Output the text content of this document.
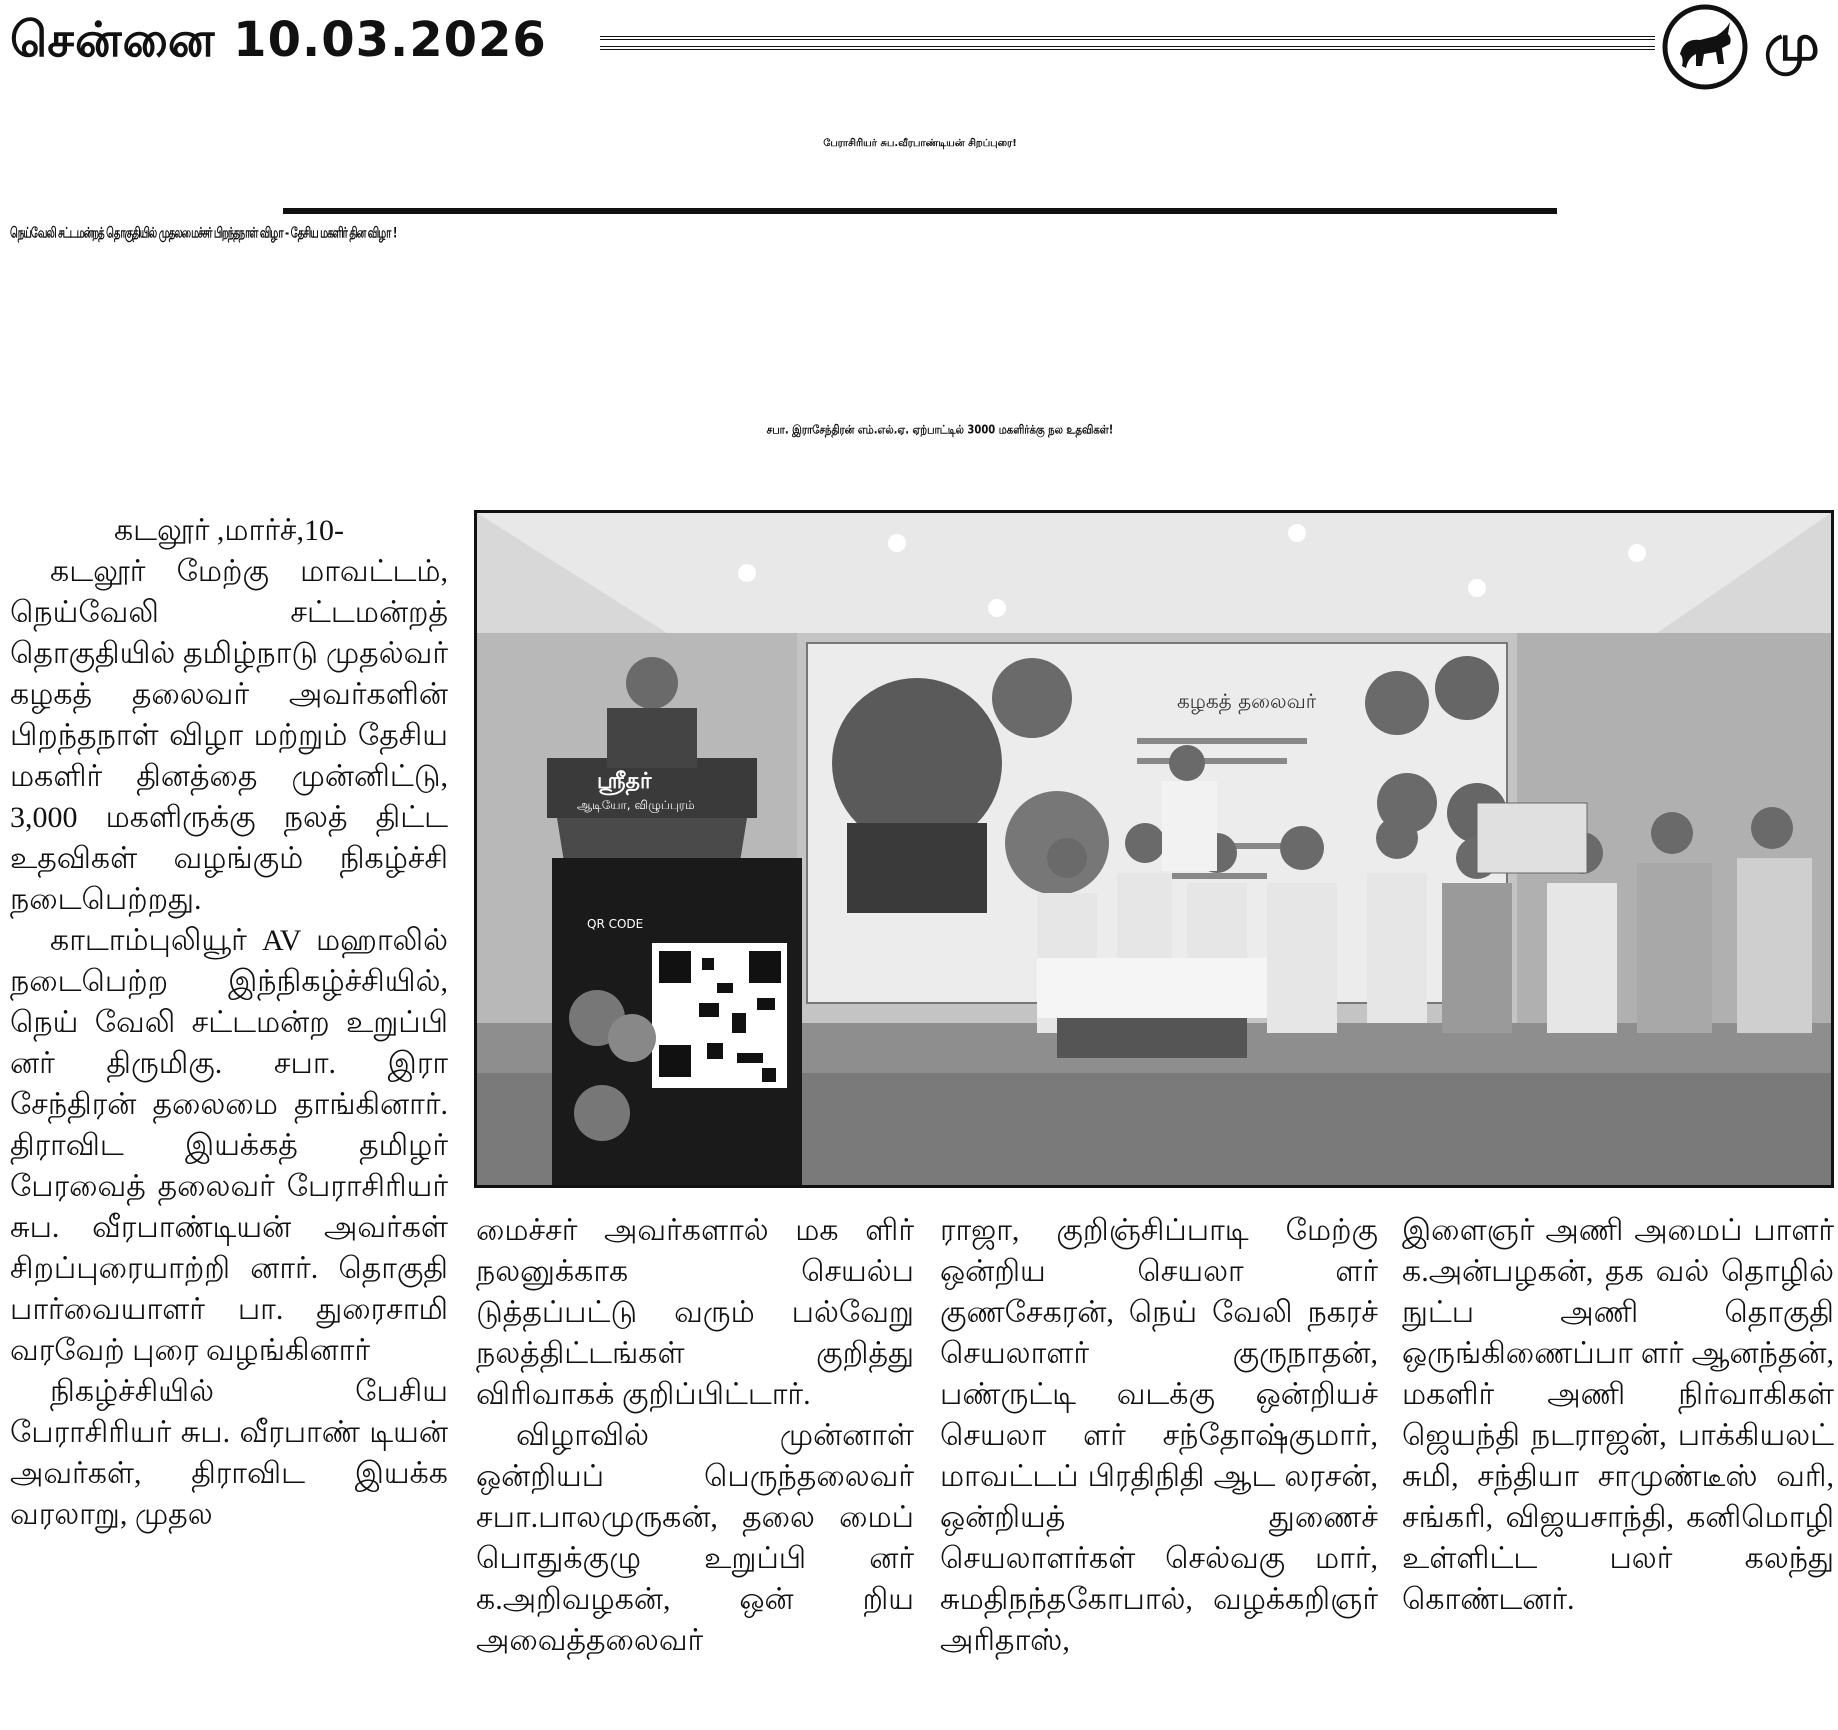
சென்னை 10.03.2026	மு
பேராசிரியர் சுப.வீரபாண்டியன் சிறப்புரை!
நெய்வேலி சட்டமன்றத் தொகுதியில் முதலமைச்சர் பிறந்தநாள் விழா - தேசிய மகளிர் தின விழா !
சபா. இராசேந்திரன் எம்.எல்.ஏ. ஏற்பாட்டில் 3000 மகளிர்க்கு நல உதவிகள்!

கடலூர் ,மார்ச்,10-

கடலூர் மேற்கு மாவட்டம், நெய்வேலி சட்டமன்றத் தொகுதியில் தமிழ்நாடு முதல்வர் கழகத் தலைவர் அவர்களின் பிறந்தநாள் விழா மற்றும் தேசிய மகளிர் தினத்தை முன்னிட்டு, 3,000 மகளிருக்கு நலத் திட்ட உதவிகள் வழங்கும் நிகழ்ச்சி நடைபெற்றது.

காடாம்புலியூர் AV மஹாலில் நடைபெற்ற இந்நிகழ்ச்சியில், நெய் வேலி சட்டமன்ற உறுப்பி னர் திருமிகு. சபா. இரா சேந்திரன் தலைமை தாங்கினார். திராவிட இயக்கத் தமிழர் பேரவைத் தலைவர் பேராசிரியர் சுப. வீரபாண்டியன் அவர்கள் சிறப்புரையாற்றி னார். தொகுதி பார்வையாளர் பா. துரைசாமி வரவேற் புரை வழங்கினார்

நிகழ்ச்சியில் பேசிய பேராசிரியர் சுப. வீரபாண் டியன் அவர்கள், திராவிட இயக்க வரலாறு, முதல

கழகத் தலைவர்
ஸ்ரீதர்
ஆடியோ, விழுப்புரம்
QR CODE

மைச்சர் அவர்களால் மக ளிர் நலனுக்காக செயல்ப டுத்தப்பட்டு வரும் பல்வேறு நலத்திட்டங்கள் குறித்து விரிவாகக் குறிப்பிட்டார்.

விழாவில் முன்னாள் ஒன்றியப் பெருந்தலைவர் சபா.பாலமுருகன், தலை மைப் பொதுக்குழு உறுப்பி னர் க.அறிவழகன், ஒன் றிய அவைத்தலைவர்

ராஜா, குறிஞ்சிப்பாடி மேற்கு ஒன்றிய செயலா ளர் குணசேகரன், நெய் வேலி நகரச் செயலாளர் குருநாதன், பண்ருட்டி வடக்கு ஒன்றியச் செயலா ளர் சந்தோஷ்குமார், மாவட்டப் பிரதிநிதி ஆட லரசன், ஒன்றியத் துணைச் செயலாளர்கள் செல்வகு மார், சுமதிநந்தகோபால், வழக்கறிஞர் அரிதாஸ்,

இளைஞர் அணி அமைப் பாளர் க.அன்பழகன், தக வல் தொழில் நுட்ப அணி தொகுதி ஒருங்கிணைப்பா ளர் ஆனந்தன், மகளிர் அணி நிர்வாகிகள் ஜெயந்தி நடராஜன், பாக்கியலட் சுமி, சந்தியா சாமுண்டீஸ் வரி, சங்கரி, விஜயசாந்தி, கனிமொழி உள்ளிட்ட பலர் கலந்து கொண்டனர்.
